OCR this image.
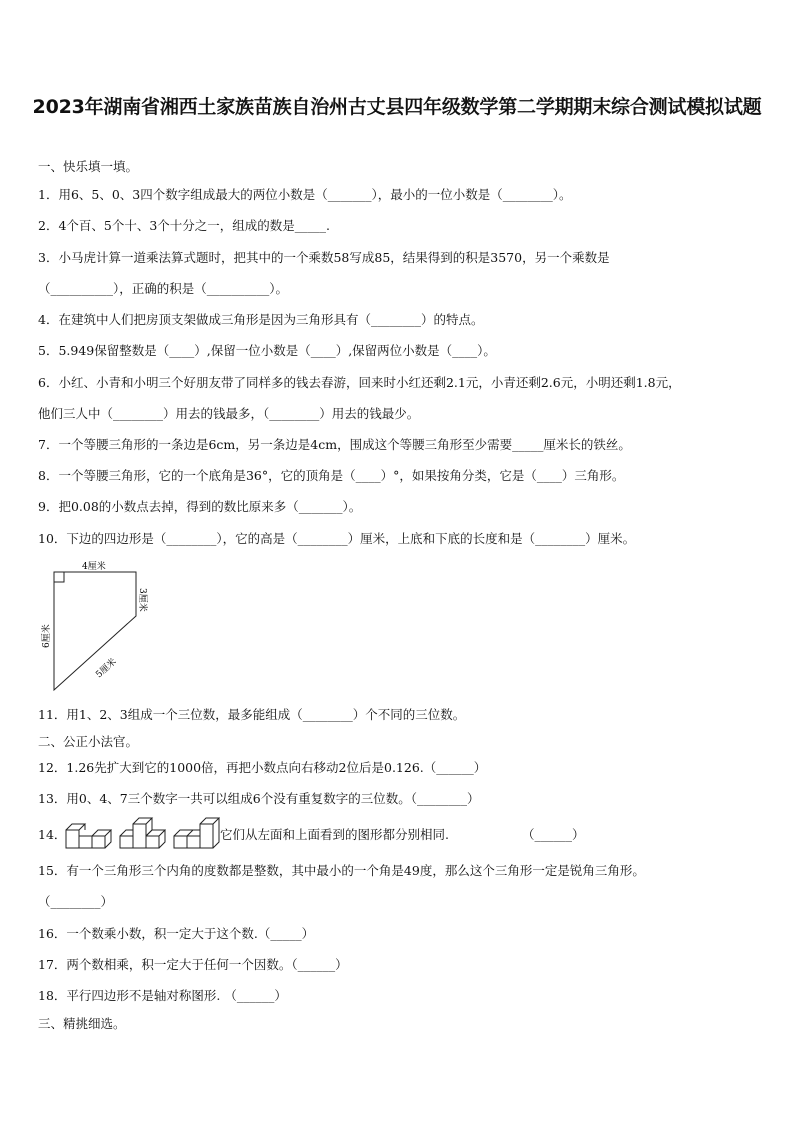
2023年湖南省湘西土家族苗族自治州古丈县四年级数学第二学期期末综合测试模拟试题
一、快乐填一填。
1．用6、5、0、3四个数字组成最大的两位小数是（_______），最小的一位小数是（________）。
2．4个百、5个十、3个十分之一，组成的数是_____.
3．小马虎计算一道乘法算式题时，把其中的一个乘数58写成85，结果得到的积是3570，另一个乘数是
（__________），正确的积是（__________）。
4．在建筑中人们把房顶支架做成三角形是因为三角形具有（________）的特点。
5．5.949保留整数是（____）,保留一位小数是（____）,保留两位小数是（____）。
6．小红、小青和小明三个好朋友带了同样多的钱去春游，回来时小红还剩2.1元，小青还剩2.6元，小明还剩1.8元，
他们三人中（________）用去的钱最多，（________）用去的钱最少。
7．一个等腰三角形的一条边是6cm，另一条边是4cm，围成这个等腰三角形至少需要_____厘米长的铁丝。
8．一个等腰三角形，它的一个底角是36°，它的顶角是（____）°，如果按角分类，它是（____）三角形。
9．把0.08的小数点去掉，得到的数比原来多（_______）。
10．下边的四边形是（________），它的高是（________）厘米，上底和下底的长度和是（________）厘米。
4厘米
3厘米
6厘米
5厘米
11．用1、2、3组成一个三位数，最多能组成（________）个不同的三位数。
二、公正小法官。
12．1.26先扩大到它的1000倍，再把小数点向右移动2位后是0.126.（______）
13．用0、4、7三个数字一共可以组成6个没有重复数字的三位数。（________）
14．	它们从左面和上面看到的图形都分别相同.	（______）
15．有一个三角形三个内角的度数都是整数，其中最小的一个角是49度，那么这个三角形一定是锐角三角形。
（________）
16．一个数乘小数，积一定大于这个数.（_____）
17．两个数相乘，积一定大于任何一个因数。（______）
18．平行四边形不是轴对称图形. （______）
三、精挑细选。
